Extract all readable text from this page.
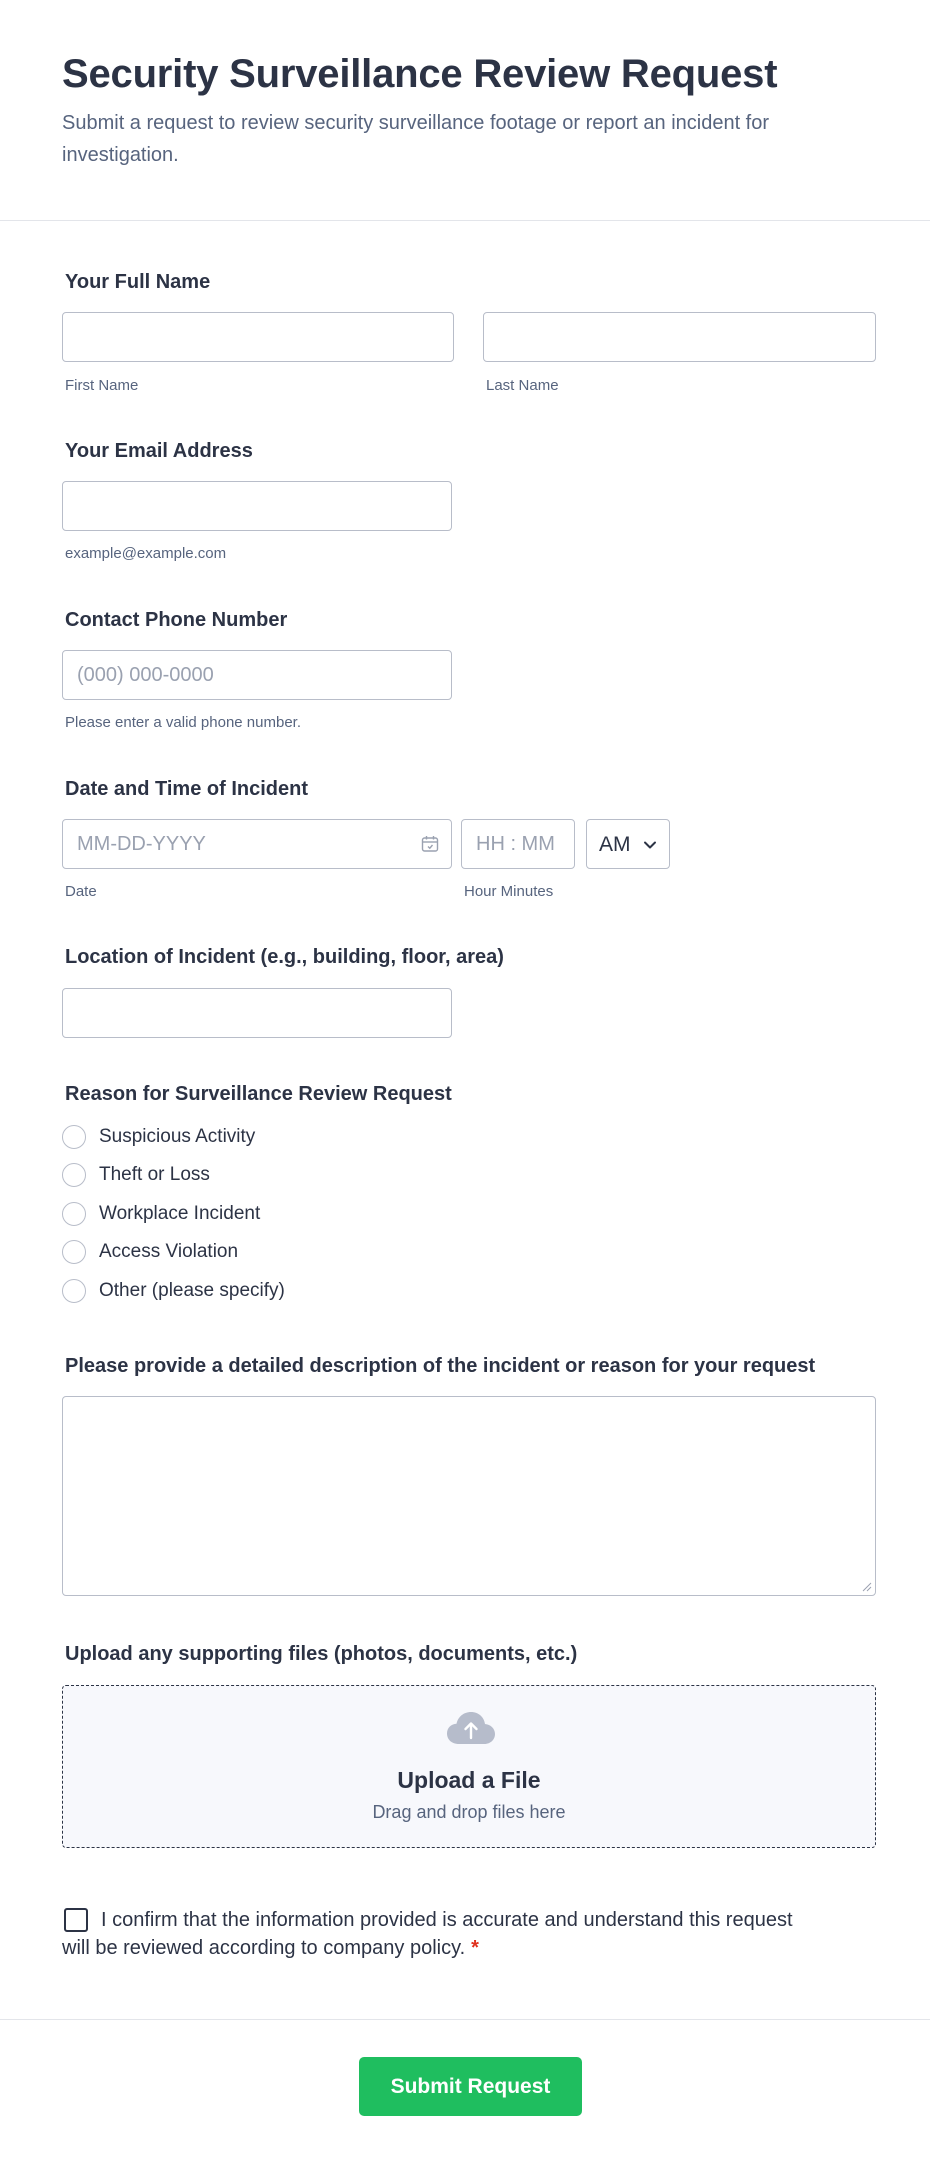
Security Surveillance Review Request

Submit a request to review security surveillance footage or report an incident for investigation.

Your Full Name
First Name	Last Name
Your Email Address
example@example.com
Contact Phone Number
(000) 000-0000
Please enter a valid phone number.
Date and Time of Incident
MM-DD-YYYY
HH : MM
AM
Date	Hour Minutes
Location of Incident (e.g., building, floor, area)
Reason for Surveillance Review Request
Suspicious Activity
Theft or Loss
Workplace Incident
Access Violation
Other (please specify)
Please provide a detailed description of the incident or reason for your request
Upload any supporting files (photos, documents, etc.)
Upload a File
Drag and drop files here

I confirm that the information provided is accurate and understand this request will be reviewed according to company policy. *

Submit Request
